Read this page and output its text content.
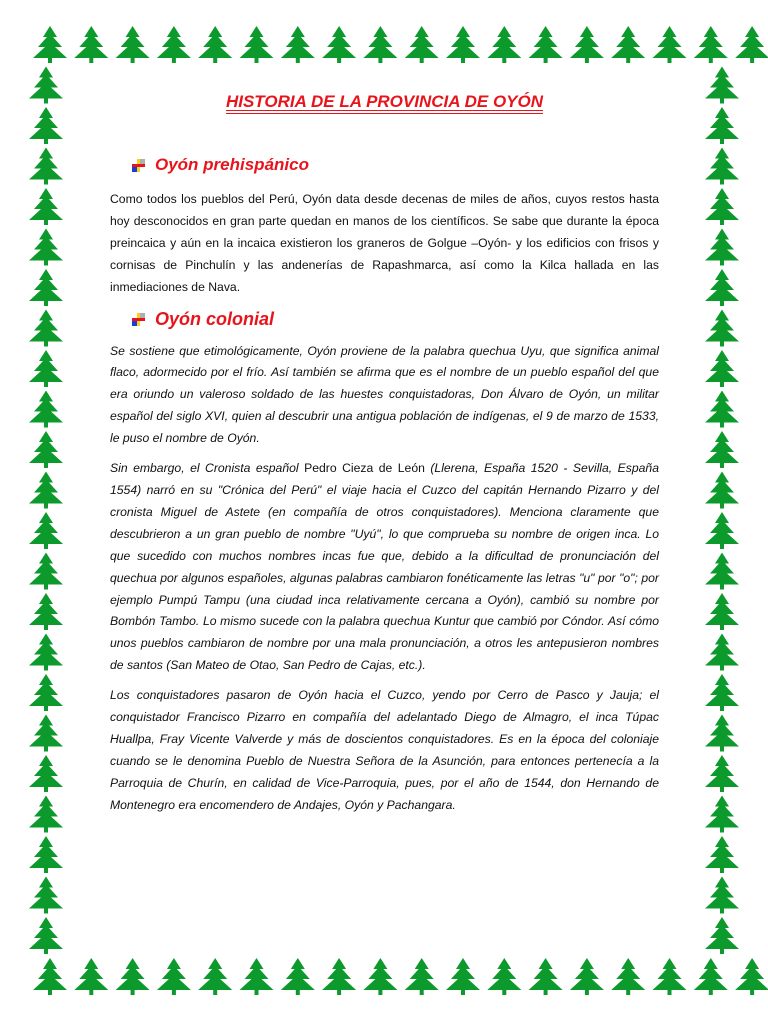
HISTORIA DE LA PROVINCIA DE OYÓN
Oyón prehispánico

Como todos los pueblos del Perú, Oyón data desde decenas de miles de años, cuyos restos hasta hoy desconocidos en gran parte quedan en manos de los científicos. Se sabe que durante la época preincaica y aún en la incaica existieron los graneros de Golgue –Oyón- y los edificios con frisos y cornisas de Pinchulín y las andenerías de Rapashmarca, así como la Kilca hallada en las inmediaciones de Nava.

Oyón colonial

Se sostiene que etimológicamente, Oyón proviene de la palabra quechua Uyu, que significa animal flaco, adormecido por el frío. Así también se afirma que es el nombre de un pueblo español del que era oriundo un valeroso soldado de las huestes conquistadoras, Don Álvaro de Oyón, un militar español del siglo XVI, quien al descubrir una antigua población de indígenas, el 9 de marzo de 1533, le puso el nombre de Oyón.

Sin embargo, el Cronista español Pedro Cieza de León (Llerena, España 1520 - Sevilla, España 1554) narró en su "Crónica del Perú" el viaje hacia el Cuzco del capitán Hernando Pizarro y del cronista Miguel de Astete (en compañía de otros conquistadores). Menciona claramente que descubrieron a un gran pueblo de nombre "Uyú", lo que comprueba su nombre de origen inca. Lo que sucedido con muchos nombres incas fue que, debido a la dificultad de pronunciación del quechua por algunos españoles, algunas palabras cambiaron fonéticamente las letras "u" por "o"; por ejemplo Pumpú Tampu (una ciudad inca relativamente cercana a Oyón), cambió su nombre por Bombón Tambo. Lo mismo sucede con la palabra quechua Kuntur que cambió por Cóndor. Así cómo unos pueblos cambiaron de nombre por una mala pronunciación, a otros les antepusieron nombres de santos (San Mateo de Otao, San Pedro de Cajas, etc.).

Los conquistadores pasaron de Oyón hacia el Cuzco, yendo por Cerro de Pasco y Jauja; el conquistador Francisco Pizarro en compañía del adelantado Diego de Almagro, el inca Túpac Huallpa, Fray Vicente Valverde y más de doscientos conquistadores. Es en la época del coloniaje cuando se le denomina Pueblo de Nuestra Señora de la Asunción, para entonces pertenecía a la Parroquia de Churín, en calidad de Vice-Parroquia, pues, por el año de 1544, don Hernando de Montenegro era encomendero de Andajes, Oyón y Pachangara.
